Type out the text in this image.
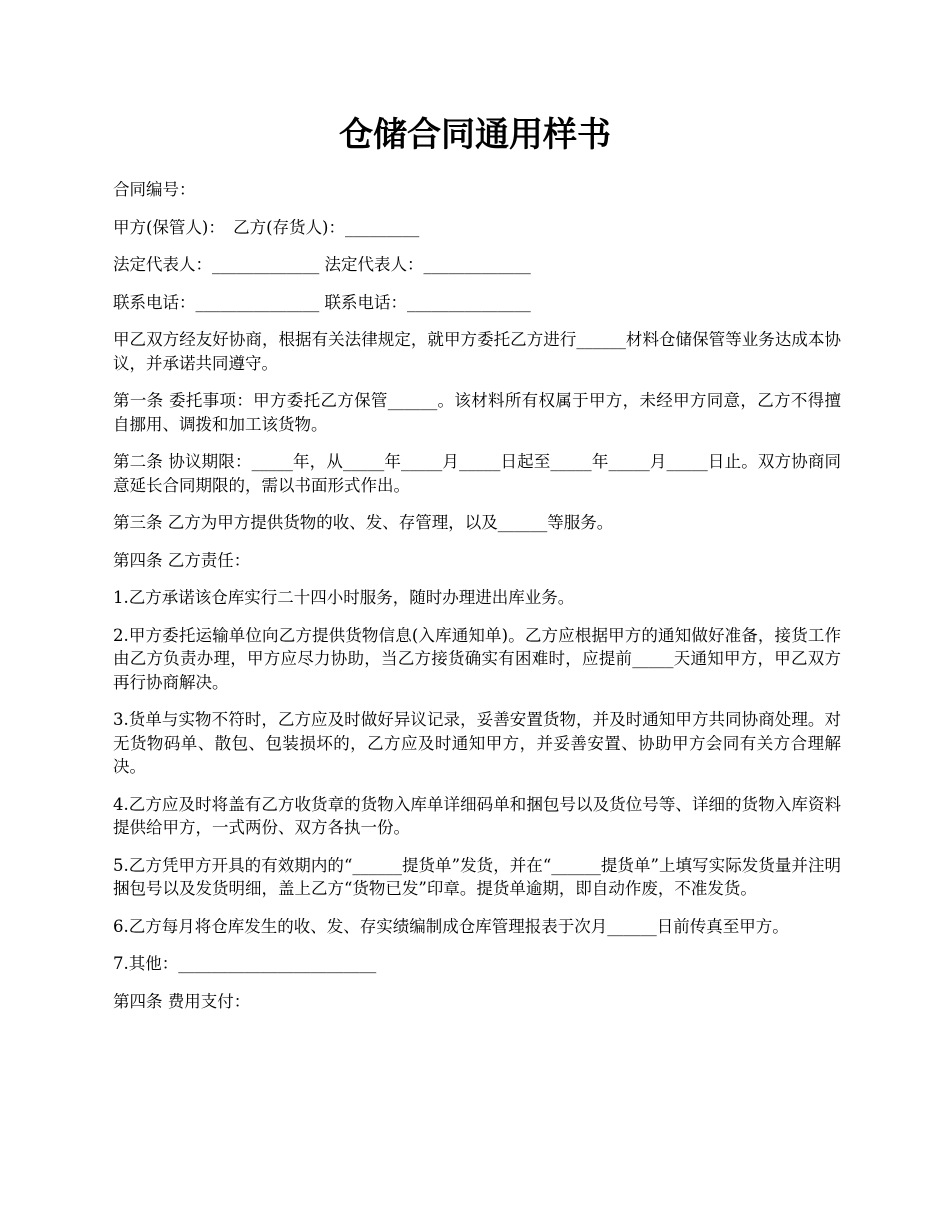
仓储合同通用样书

合同编号：

甲方(保管人)：　乙方(存货人)：_________

法定代表人：_____________ 法定代表人：_____________

联系电话：_______________ 联系电话：_______________

甲乙双方经友好协商，根据有关法律规定，就甲方委托乙方进行______材料仓储保管等业务达成本协议，并承诺共同遵守。

第一条 委托事项：甲方委托乙方保管______。该材料所有权属于甲方，未经甲方同意，乙方不得擅自挪用、调拨和加工该货物。

第二条 协议期限：_____年，从_____年_____月_____日起至_____年_____月_____日止。双方协商同意延长合同期限的，需以书面形式作出。

第三条 乙方为甲方提供货物的收、发、存管理，以及______等服务。

第四条 乙方责任：

1.乙方承诺该仓库实行二十四小时服务，随时办理进出库业务。

2.甲方委托运输单位向乙方提供货物信息(入库通知单)。乙方应根据甲方的通知做好准备，接货工作由乙方负责办理，甲方应尽力协助，当乙方接货确实有困难时，应提前_____天通知甲方，甲乙双方再行协商解决。

3.货单与实物不符时，乙方应及时做好异议记录，妥善安置货物，并及时通知甲方共同协商处理。对无货物码单、散包、包装损坏的，乙方应及时通知甲方，并妥善安置、协助甲方会同有关方合理解决。

4.乙方应及时将盖有乙方收货章的货物入库单详细码单和捆包号以及货位号等、详细的货物入库资料提供给甲方，一式两份、双方各执一份。

5.乙方凭甲方开具的有效期内的“______提货单”发货，并在“______提货单”上填写实际发货量并注明捆包号以及发货明细，盖上乙方“货物已发”印章。提货单逾期，即自动作废，不准发货。

6.乙方每月将仓库发生的收、发、存实绩编制成仓库管理报表于次月______日前传真至甲方。

7.其他：________________________

第四条 费用支付：
